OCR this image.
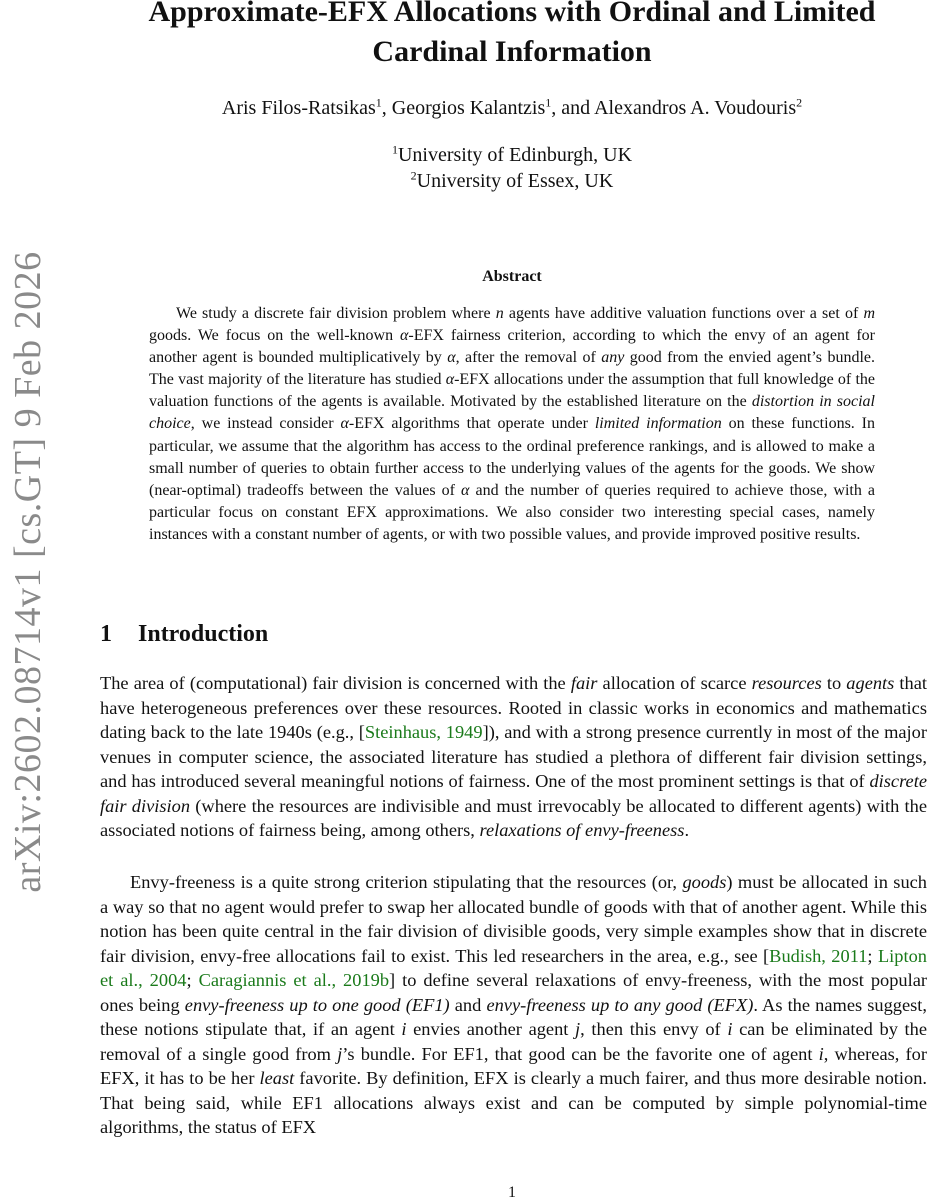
arXiv:2602.08714v1 [cs.GT] 9 Feb 2026
Approximate-EFX Allocations with Ordinal and Limited
Cardinal Information
Aris Filos-Ratsikas$^1$, Georgios Kalantzis$^1$, and Alexandros A. Voudouris$^2$
$^1$University of Edinburgh, UK
$^2$University of Essex, UK
Abstract

We study a discrete fair division problem where n agents have additive valuation functions over a set of m goods. We focus on the well-known α-EFX fairness criterion, according to which the envy of an agent for another agent is bounded multiplicatively by α, after the removal of any good from the envied agent’s bundle. The vast majority of the literature has studied α-EFX allocations under the assumption that full knowledge of the valuation functions of the agents is available. Motivated by the established literature on the distortion in social choice, we instead consider α-EFX algorithms that operate under limited information on these functions. In particular, we assume that the algorithm has access to the ordinal preference rankings, and is allowed to make a small number of queries to obtain further access to the underlying values of the agents for the goods. We show (near-optimal) tradeoffs between the values of α and the number of queries required to achieve those, with a particular focus on constant EFX approximations. We also consider two interesting special cases, namely instances with a constant number of agents, or with two possible values, and provide improved positive results.

1 Introduction

The area of (computational) fair division is concerned with the fair allocation of scarce resources to agents that have heterogeneous preferences over these resources. Rooted in classic works in economics and mathematics dating back to the late 1940s (e.g., [Steinhaus, 1949]), and with a strong presence currently in most of the major venues in computer science, the associated literature has studied a plethora of different fair division settings, and has introduced several meaningful notions of fairness. One of the most prominent settings is that of discrete fair division (where the resources are indivisible and must irrevocably be allocated to different agents) with the associated notions of fairness being, among others, relaxations of envy-freeness.

Envy-freeness is a quite strong criterion stipulating that the resources (or, goods) must be allocated in such a way so that no agent would prefer to swap her allocated bundle of goods with that of another agent. While this notion has been quite central in the fair division of divisible goods, very simple examples show that in discrete fair division, envy-free allocations fail to exist. This led researchers in the area, e.g., see [Budish, 2011; Lipton et al., 2004; Caragiannis et al., 2019b] to define several relaxations of envy-freeness, with the most popular ones being envy-freeness up to one good (EF1) and envy-freeness up to any good (EFX). As the names suggest, these notions stipulate that, if an agent i envies another agent j, then this envy of i can be eliminated by the removal of a single good from j’s bundle. For EF1, that good can be the favorite one of agent i, whereas, for EFX, it has to be her least favorite. By definition, EFX is clearly a much fairer, and thus more desirable notion. That being said, while EF1 allocations always exist and can be computed by simple polynomial-time algorithms, the status of EFX

1
